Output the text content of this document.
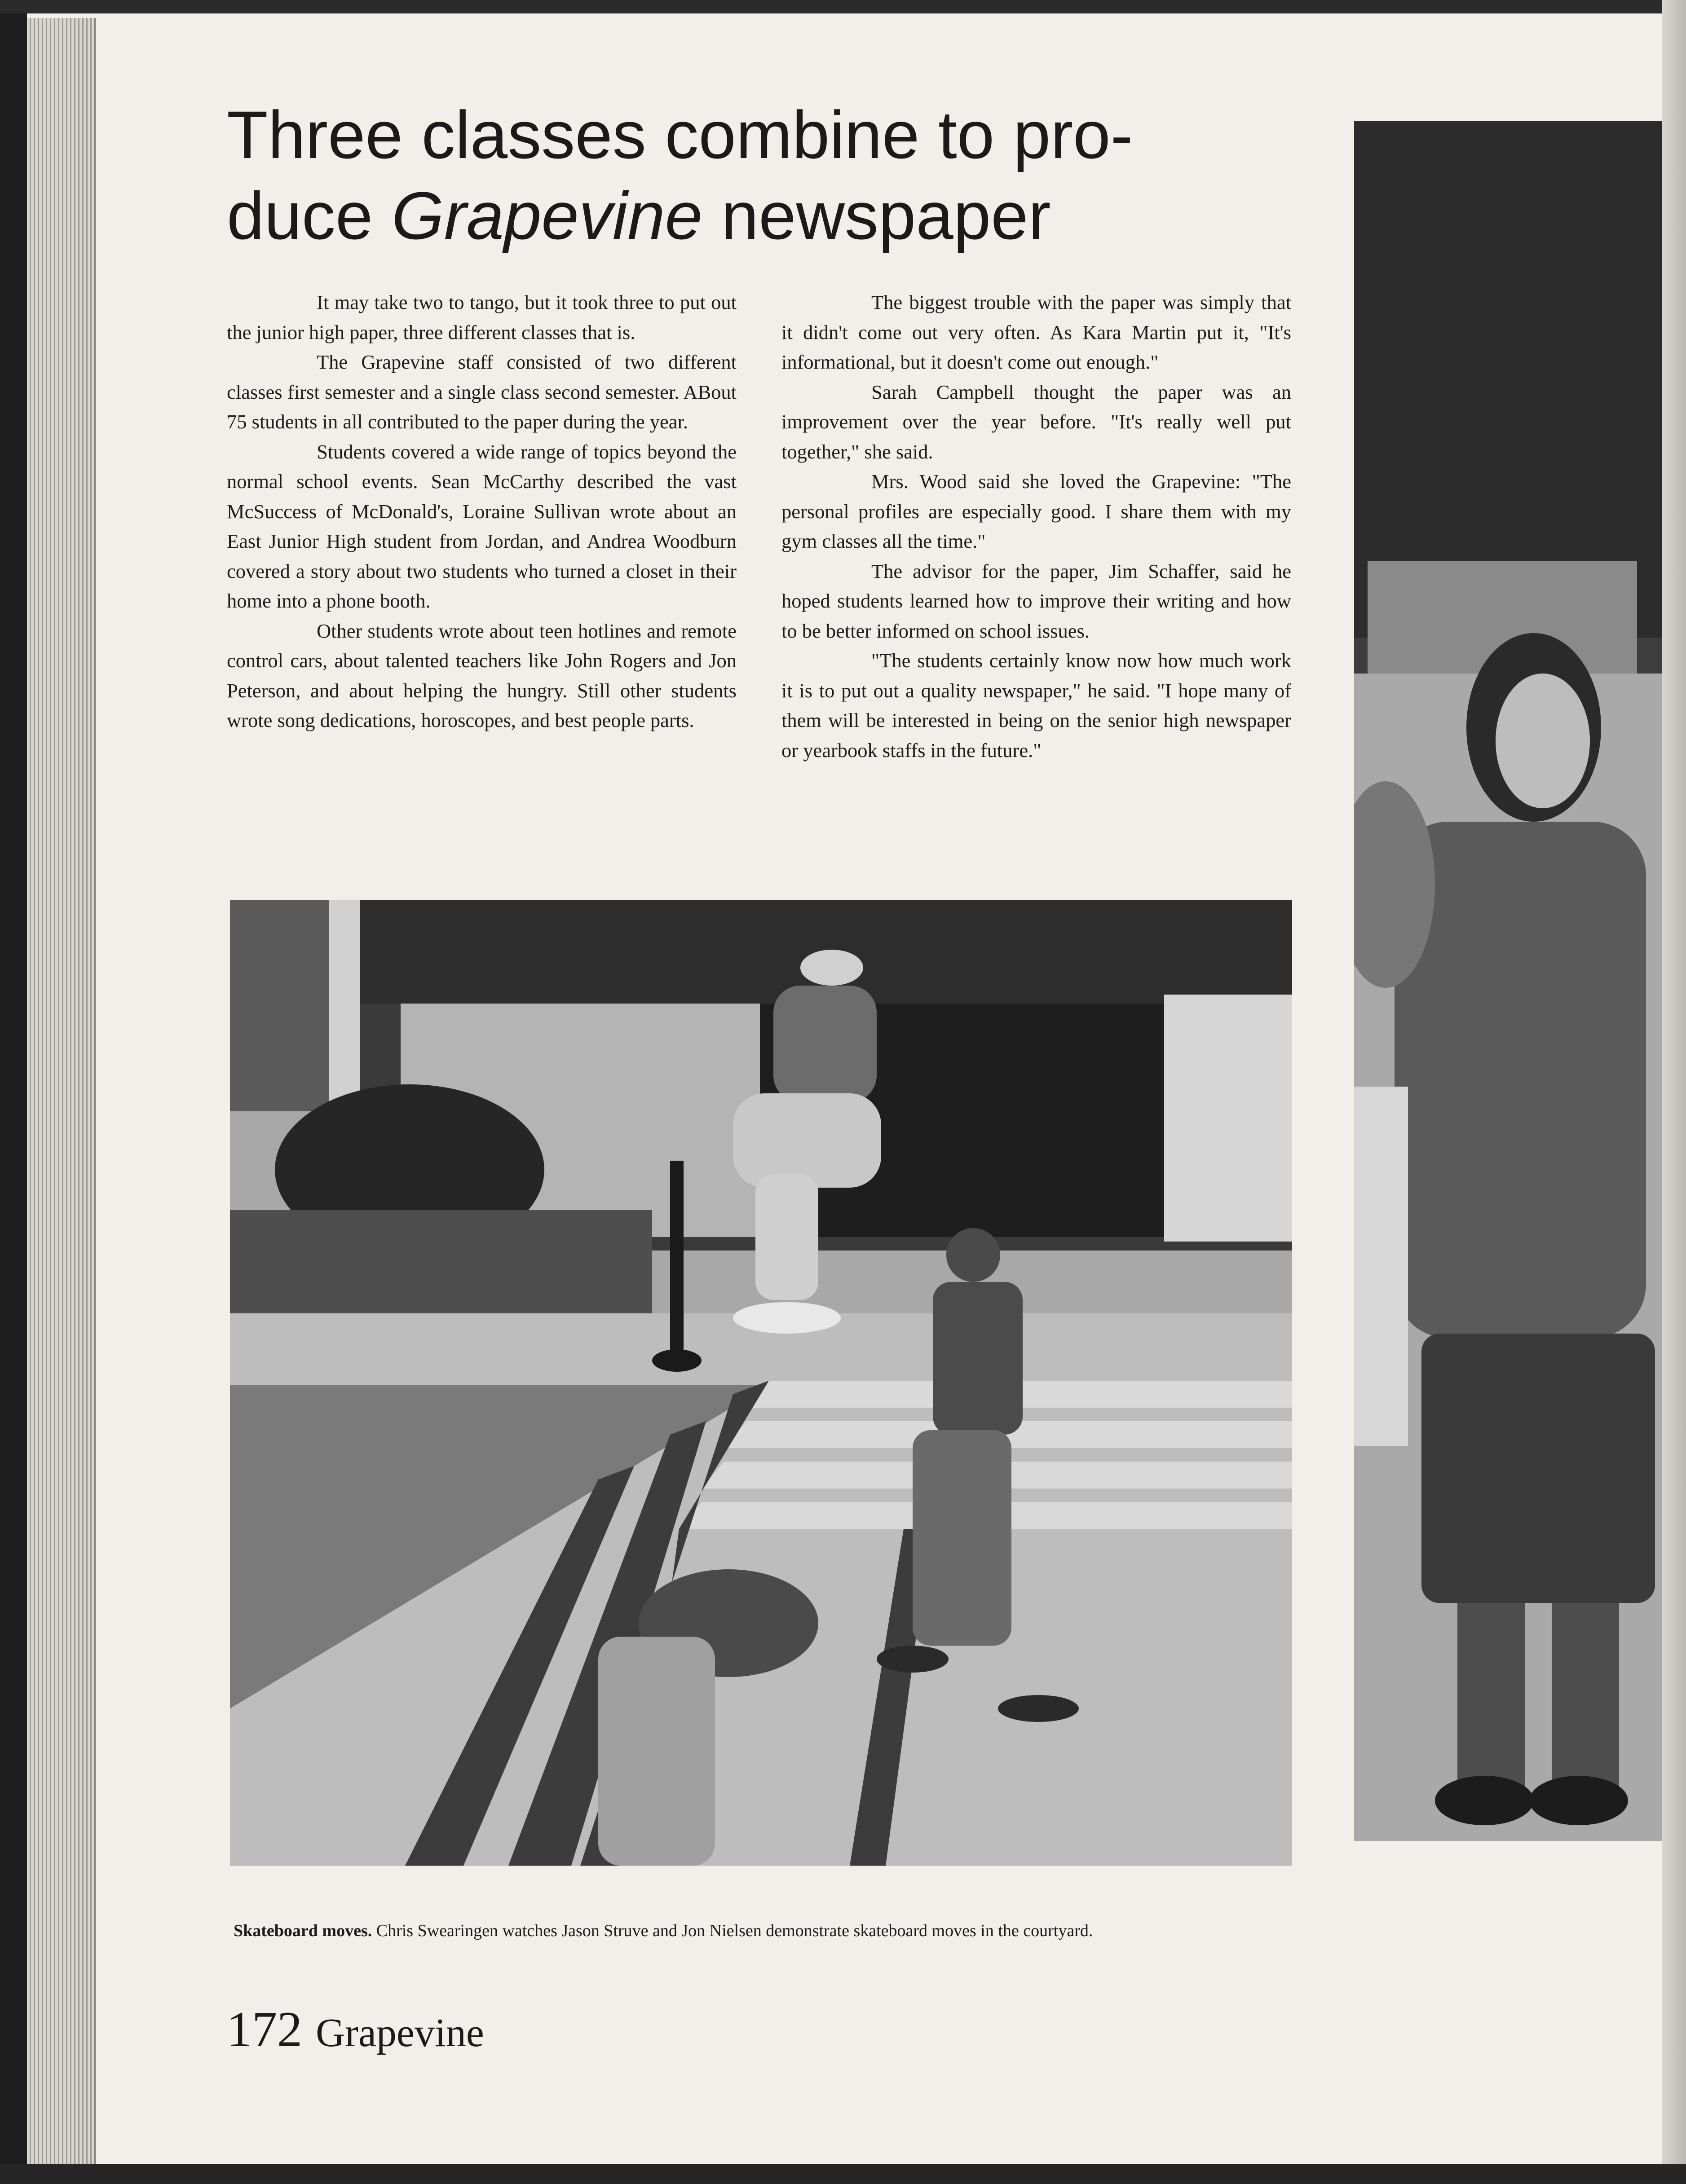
Three classes combine to pro-
duce Grapevine newspaper

It may take two to tango, but it took three to put out the junior high paper, three different classes that is.

The Grapevine staff consisted of two different classes first semester and a single class second semester. ABout 75 students in all contributed to the paper during the year.

Students covered a wide range of topics beyond the normal school events. Sean McCarthy described the vast McSuccess of McDonald's, Loraine Sullivan wrote about an East Junior High student from Jordan, and Andrea Woodburn covered a story about two students who turned a closet in their home into a phone booth.

Other students wrote about teen hotlines and remote control cars, about talented teachers like John Rogers and Jon Peterson, and about helping the hungry. Still other students wrote song dedications, horoscopes, and best people parts.

The biggest trouble with the paper was simply that it didn't come out very often. As Kara Martin put it, "It's informational, but it doesn't come out enough."

Sarah Campbell thought the paper was an improvement over the year before. "It's really well put together," she said.

Mrs. Wood said she loved the Grapevine: "The personal profiles are especially good. I share them with my gym classes all the time."

The advisor for the paper, Jim Schaffer, said he hoped students learned how to improve their writing and how to be better informed on school issues.

"The students certainly know now how much work it is to put out a quality newspaper," he said. "I hope many of them will be interested in being on the senior high newspaper or yearbook staffs in the future."

Skateboard moves. Chris Swearingen watches Jason Struve and Jon Nielsen demonstrate skateboard moves in the courtyard.
172 Grapevine
